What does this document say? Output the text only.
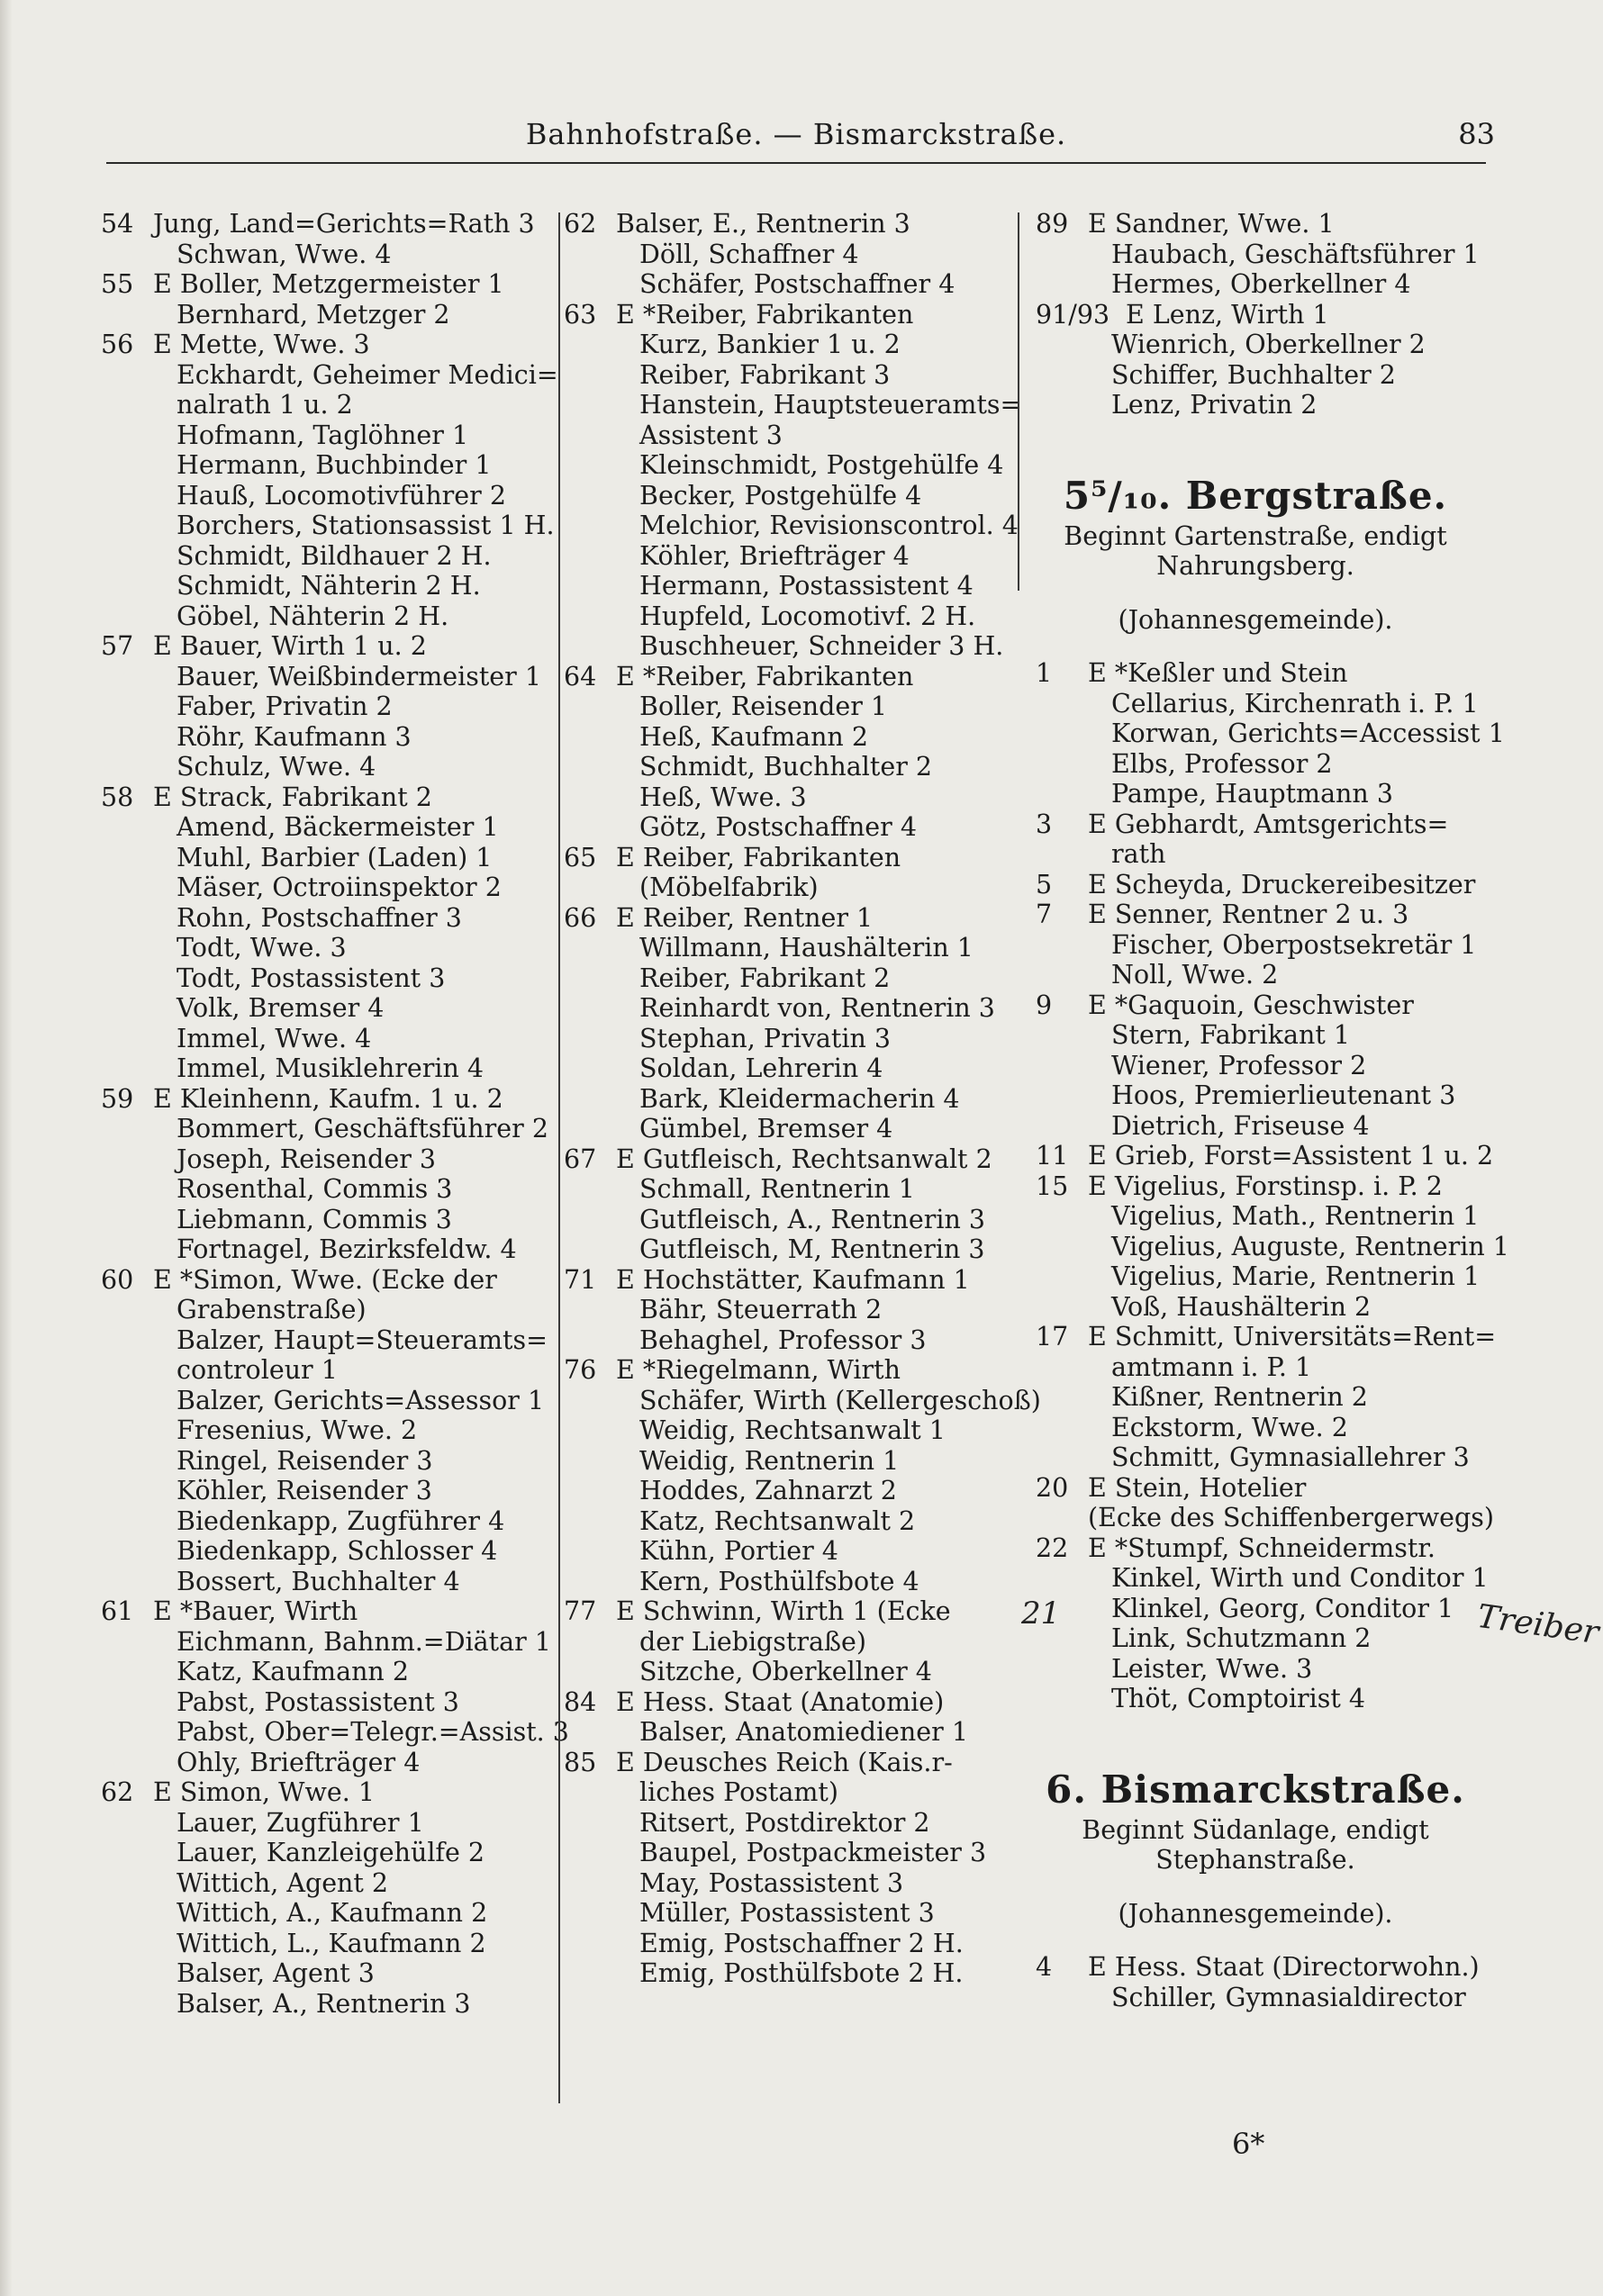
Bahnhofstraße. — Bismarckstraße.	83
54 Jung, Land=Gerichts=Rath 3
Schwan, Wwe. 4
55 E Boller, Metzgermeister 1
Bernhard, Metzger 2
56 E Mette, Wwe. 3
Eckhardt, Geheimer Medici=
nalrath 1 u. 2
Hofmann, Taglöhner 1
Hermann, Buchbinder 1
Hauß, Locomotivführer 2
Borchers, Stationsassist 1 H.
Schmidt, Bildhauer 2 H.
Schmidt, Nähterin 2 H.
Göbel, Nähterin 2 H.
57 E Bauer, Wirth 1 u. 2
Bauer, Weißbindermeister 1
Faber, Privatin 2
Röhr, Kaufmann 3
Schulz, Wwe. 4
58 E Strack, Fabrikant 2
Amend, Bäckermeister 1
Muhl, Barbier (Laden) 1
Mäser, Octroiinspektor 2
Rohn, Postschaffner 3
Todt, Wwe. 3
Todt, Postassistent 3
Volk, Bremser 4
Immel, Wwe. 4
Immel, Musiklehrerin 4
59 E Kleinhenn, Kaufm. 1 u. 2
Bommert, Geschäftsführer 2
Joseph, Reisender 3
Rosenthal, Commis 3
Liebmann, Commis 3
Fortnagel, Bezirksfeldw. 4
60 E *Simon, Wwe. (Ecke der
Grabenstraße)
Balzer, Haupt=Steueramts=
controleur 1
Balzer, Gerichts=Assessor 1
Fresenius, Wwe. 2
Ringel, Reisender 3
Köhler, Reisender 3
Biedenkapp, Zugführer 4
Biedenkapp, Schlosser 4
Bossert, Buchhalter 4
61 E *Bauer, Wirth
Eichmann, Bahnm.=Diätar 1
Katz, Kaufmann 2
Pabst, Postassistent 3
Pabst, Ober=Telegr.=Assist. 3
Ohly, Briefträger 4
62 E Simon, Wwe. 1
Lauer, Zugführer 1
Lauer, Kanzleigehülfe 2
Wittich, Agent 2
Wittich, A., Kaufmann 2
Wittich, L., Kaufmann 2
Balser, Agent 3
Balser, A., Rentnerin 3
62 Balser, E., Rentnerin 3
Döll, Schaffner 4
Schäfer, Postschaffner 4
63 E *Reiber, Fabrikanten
Kurz, Bankier 1 u. 2
Reiber, Fabrikant 3
Hanstein, Hauptsteueramts=
Assistent 3
Kleinschmidt, Postgehülfe 4
Becker, Postgehülfe 4
Melchior, Revisionscontrol. 4
Köhler, Briefträger 4
Hermann, Postassistent 4
Hupfeld, Locomotivf. 2 H.
Buschheuer, Schneider 3 H.
64 E *Reiber, Fabrikanten
Boller, Reisender 1
Heß, Kaufmann 2
Schmidt, Buchhalter 2
Heß, Wwe. 3
Götz, Postschaffner 4
65 E Reiber, Fabrikanten
(Möbelfabrik)
66 E Reiber, Rentner 1
Willmann, Haushälterin 1
Reiber, Fabrikant 2
Reinhardt von, Rentnerin 3
Stephan, Privatin 3
Soldan, Lehrerin 4
Bark, Kleidermacherin 4
Gümbel, Bremser 4
67 E Gutfleisch, Rechtsanwalt 2
Schmall, Rentnerin 1
Gutfleisch, A., Rentnerin 3
Gutfleisch, M, Rentnerin 3
71 E Hochstätter, Kaufmann 1
Bähr, Steuerrath 2
Behaghel, Professor 3
76 E *Riegelmann, Wirth
Schäfer, Wirth (Kellergeschoß)
Weidig, Rechtsanwalt 1
Weidig, Rentnerin 1
Hoddes, Zahnarzt 2
Katz, Rechtsanwalt 2
Kühn, Portier 4
Kern, Posthülfsbote 4
77 E Schwinn, Wirth 1 (Ecke
der Liebigstraße)
Sitzche, Oberkellner 4
84 E Hess. Staat (Anatomie)
Balser, Anatomiediener 1
85 E Deusches Reich (Kais.r-
liches Postamt)
Ritsert, Postdirektor 2
Baupel, Postpackmeister 3
May, Postassistent 3
Müller, Postassistent 3
Emig, Postschaffner 2 H.
Emig, Posthülfsbote 2 H.
89 E Sandner, Wwe. 1
Haubach, Geschäftsführer 1
Hermes, Oberkellner 4
91/93 E Lenz, Wirth 1
Wienrich, Oberkellner 2
Schiffer, Buchhalter 2
Lenz, Privatin 2
5⁵/₁₀. Bergstraße.
Beginnt Gartenstraße, endigt
Nahrungsberg.
(Johannesgemeinde).
1 E *Keßler und Stein
Cellarius, Kirchenrath i. P. 1
Korwan, Gerichts=Accessist 1
Elbs, Professor 2
Pampe, Hauptmann 3
3 E Gebhardt, Amtsgerichts=
rath
5 E Scheyda, Druckereibesitzer
7 E Senner, Rentner 2 u. 3
Fischer, Oberpostsekretär 1
Noll, Wwe. 2
9 E *Gaquoin, Geschwister
Stern, Fabrikant 1
Wiener, Professor 2
Hoos, Premierlieutenant 3
Dietrich, Friseuse 4
11 E Grieb, Forst=Assistent 1 u. 2
15 E Vigelius, Forstinsp. i. P. 2
Vigelius, Math., Rentnerin 1
Vigelius, Auguste, Rentnerin 1
Vigelius, Marie, Rentnerin 1
Voß, Haushälterin 2
17 E Schmitt, Universitäts=Rent=
amtmann i. P. 1
Kißner, Rentnerin 2
Eckstorm, Wwe. 2
Schmitt, Gymnasiallehrer 3
20 E Stein, Hotelier
(Ecke des Schiffenbergerwegs)
22 E *Stumpf, Schneidermstr.
Kinkel, Wirth und Conditor 1
Klinkel, Georg, Conditor 1
Link, Schutzmann 2
Leister, Wwe. 3
Thöt, Comptoirist 4
6. Bismarckstraße.
Beginnt Südanlage, endigt
Stephanstraße.
(Johannesgemeinde).
4 E Hess. Staat (Directorwohn.)
Schiller, Gymnasialdirector
21	Treiber
6*
